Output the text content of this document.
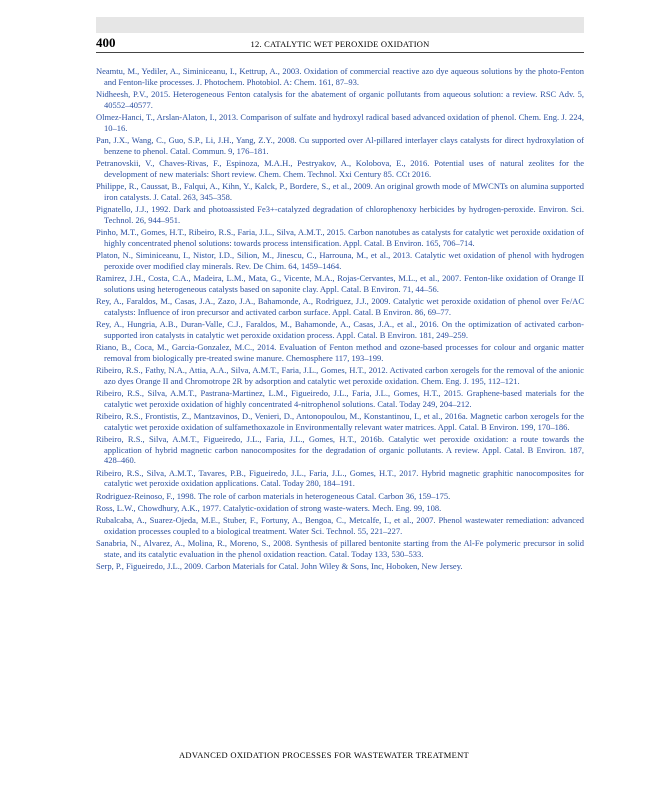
400	12. CATALYTIC WET PEROXIDE OXIDATION

Neamtu, M., Yediler, A., Siminiceanu, I., Kettrup, A., 2003. Oxidation of commercial reactive azo dye aqueous solutions by the photo-Fenton and Fenton-like processes. J. Photochem. Photobiol. A: Chem. 161, 87–93.

Nidheesh, P.V., 2015. Heterogeneous Fenton catalysis for the abatement of organic pollutants from aqueous solution: a review. RSC Adv. 5, 40552–40577.

Olmez-Hanci, T., Arslan-Alaton, I., 2013. Comparison of sulfate and hydroxyl radical based advanced oxidation of phenol. Chem. Eng. J. 224, 10–16.

Pan, J.X., Wang, C., Guo, S.P., Li, J.H., Yang, Z.Y., 2008. Cu supported over Al-pillared interlayer clays catalysts for direct hydroxylation of benzene to phenol. Catal. Commun. 9, 176–181.

Petranovskii, V., Chaves-Rivas, F., Espinoza, M.A.H., Pestryakov, A., Kolobova, E., 2016. Potential uses of natural zeolites for the development of new materials: Short review. Chem. Chem. Technol. Xxi Century 85. CCt 2016.

Philippe, R., Caussat, B., Falqui, A., Kihn, Y., Kalck, P., Bordere, S., et al., 2009. An original growth mode of MWCNTs on alumina supported iron catalysts. J. Catal. 263, 345–358.

Pignatello, J.J., 1992. Dark and photoassisted Fe3+-catalyzed degradation of chlorophenoxy herbicides by hydrogen-peroxide. Environ. Sci. Technol. 26, 944–951.

Pinho, M.T., Gomes, H.T., Ribeiro, R.S., Faria, J.L., Silva, A.M.T., 2015. Carbon nanotubes as catalysts for catalytic wet peroxide oxidation of highly concentrated phenol solutions: towards process intensification. Appl. Catal. B Environ. 165, 706–714.

Platon, N., Siminiceanu, I., Nistor, I.D., Silion, M., Jinescu, C., Harrouna, M., et al., 2013. Catalytic wet oxidation of phenol with hydrogen peroxide over modified clay minerals. Rev. De Chim. 64, 1459–1464.

Ramirez, J.H., Costa, C.A., Madeira, L.M., Mata, G., Vicente, M.A., Rojas-Cervantes, M.L., et al., 2007. Fenton-like oxidation of Orange II solutions using heterogeneous catalysts based on saponite clay. Appl. Catal. B Environ. 71, 44–56.

Rey, A., Faraldos, M., Casas, J.A., Zazo, J.A., Bahamonde, A., Rodriguez, J.J., 2009. Catalytic wet peroxide oxidation of phenol over Fe/AC catalysts: Influence of iron precursor and activated carbon surface. Appl. Catal. B Environ. 86, 69–77.

Rey, A., Hungria, A.B., Duran-Valle, C.J., Faraldos, M., Bahamonde, A., Casas, J.A., et al., 2016. On the optimization of activated carbon-supported iron catalysts in catalytic wet peroxide oxidation process. Appl. Catal. B Environ. 181, 249–259.

Riano, B., Coca, M., Garcia-Gonzalez, M.C., 2014. Evaluation of Fenton method and ozone-based processes for colour and organic matter removal from biologically pre-treated swine manure. Chemosphere 117, 193–199.

Ribeiro, R.S., Fathy, N.A., Attia, A.A., Silva, A.M.T., Faria, J.L., Gomes, H.T., 2012. Activated carbon xerogels for the removal of the anionic azo dyes Orange II and Chromotrope 2R by adsorption and catalytic wet peroxide oxidation. Chem. Eng. J. 195, 112–121.

Ribeiro, R.S., Silva, A.M.T., Pastrana-Martinez, L.M., Figueiredo, J.L., Faria, J.L., Gomes, H.T., 2015. Graphene-based materials for the catalytic wet peroxide oxidation of highly concentrated 4-nitrophenol solutions. Catal. Today 249, 204–212.

Ribeiro, R.S., Frontistis, Z., Mantzavinos, D., Venieri, D., Antonopoulou, M., Konstantinou, I., et al., 2016a. Magnetic carbon xerogels for the catalytic wet peroxide oxidation of sulfamethoxazole in Environmentally relevant water matrices. Appl. Catal. B Environ. 199, 170–186.

Ribeiro, R.S., Silva, A.M.T., Figueiredo, J.L., Faria, J.L., Gomes, H.T., 2016b. Catalytic wet peroxide oxidation: a route towards the application of hybrid magnetic carbon nanocomposites for the degradation of organic pollutants. A review. Appl. Catal. B Environ. 187, 428–460.

Ribeiro, R.S., Silva, A.M.T., Tavares, P.B., Figueiredo, J.L., Faria, J.L., Gomes, H.T., 2017. Hybrid magnetic graphitic nanocomposites for catalytic wet peroxide oxidation applications. Catal. Today 280, 184–191.

Rodriguez-Reinoso, F., 1998. The role of carbon materials in heterogeneous Catal. Carbon 36, 159–175.

Ross, L.W., Chowdhury, A.K., 1977. Catalytic-oxidation of strong waste-waters. Mech. Eng. 99, 108.

Rubalcaba, A., Suarez-Ojeda, M.E., Stuber, F., Fortuny, A., Bengoa, C., Metcalfe, I., et al., 2007. Phenol wastewater remediation: advanced oxidation processes coupled to a biological treatment. Water Sci. Technol. 55, 221–227.

Sanabria, N., Alvarez, A., Molina, R., Moreno, S., 2008. Synthesis of pillared bentonite starting from the Al-Fe polymeric precursor in solid state, and its catalytic evaluation in the phenol oxidation reaction. Catal. Today 133, 530–533.

Serp, P., Figueiredo, J.L., 2009. Carbon Materials for Catal. John Wiley & Sons, Inc, Hoboken, New Jersey.

ADVANCED OXIDATION PROCESSES FOR WASTEWATER TREATMENT
